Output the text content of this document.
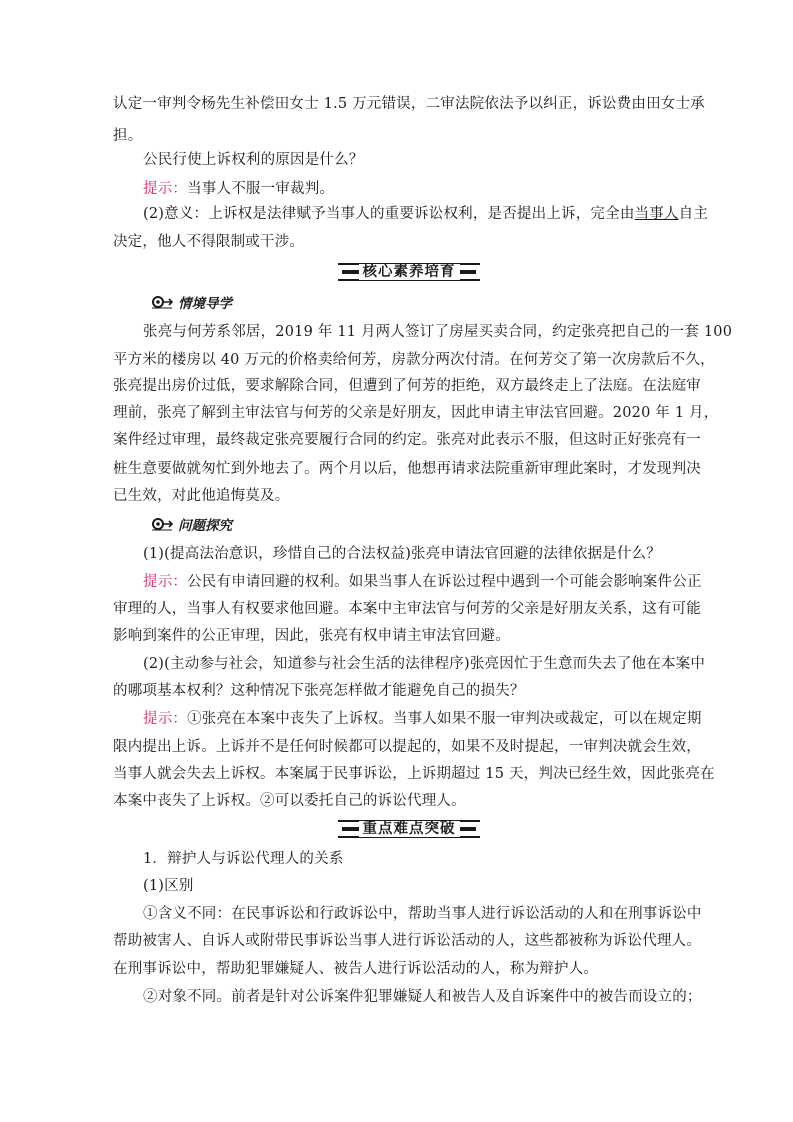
认定一审判令杨先生补偿田女士 1.5 万元错误，二审法院依法予以纠正，诉讼费由田女士承
担。
公民行使上诉权利的原因是什么？
提示：当事人不服一审裁判。
(2)意义：上诉权是法律赋予当事人的重要诉讼权利，是否提出上诉，完全由当事人自主
决定，他人不得限制或干涉。
核心素养培育
情境导学
张亮与何芳系邻居，2019 年 11 月两人签订了房屋买卖合同，约定张亮把自己的一套 100
平方米的楼房以 40 万元的价格卖给何芳，房款分两次付清。在何芳交了第一次房款后不久，
张亮提出房价过低，要求解除合同，但遭到了何芳的拒绝，双方最终走上了法庭。在法庭审
理前，张亮了解到主审法官与何芳的父亲是好朋友，因此申请主审法官回避。2020 年 1 月，
案件经过审理，最终裁定张亮要履行合同的约定。张亮对此表示不服，但这时正好张亮有一
桩生意要做就匆忙到外地去了。两个月以后，他想再请求法院重新审理此案时，才发现判决
已生效，对此他追悔莫及。
问题探究
(1)(提高法治意识，珍惜自己的合法权益)张亮申请法官回避的法律依据是什么？
提示：公民有申请回避的权利。如果当事人在诉讼过程中遇到一个可能会影响案件公正
审理的人，当事人有权要求他回避。本案中主审法官与何芳的父亲是好朋友关系，这有可能
影响到案件的公正审理，因此，张亮有权申请主审法官回避。
(2)(主动参与社会，知道参与社会生活的法律程序)张亮因忙于生意而失去了他在本案中
的哪项基本权利？这种情况下张亮怎样做才能避免自己的损失？
提示：①张亮在本案中丧失了上诉权。当事人如果不服一审判决或裁定，可以在规定期
限内提出上诉。上诉并不是任何时候都可以提起的，如果不及时提起，一审判决就会生效，
当事人就会失去上诉权。本案属于民事诉讼，上诉期超过 15 天，判决已经生效，因此张亮在
本案中丧失了上诉权。②可以委托自己的诉讼代理人。
重点难点突破
1．辩护人与诉讼代理人的关系
(1)区别
①含义不同：在民事诉讼和行政诉讼中，帮助当事人进行诉讼活动的人和在刑事诉讼中
帮助被害人、自诉人或附带民事诉讼当事人进行诉讼活动的人，这些都被称为诉讼代理人。
在刑事诉讼中，帮助犯罪嫌疑人、被告人进行诉讼活动的人，称为辩护人。
②对象不同。前者是针对公诉案件犯罪嫌疑人和被告人及自诉案件中的被告而设立的；
